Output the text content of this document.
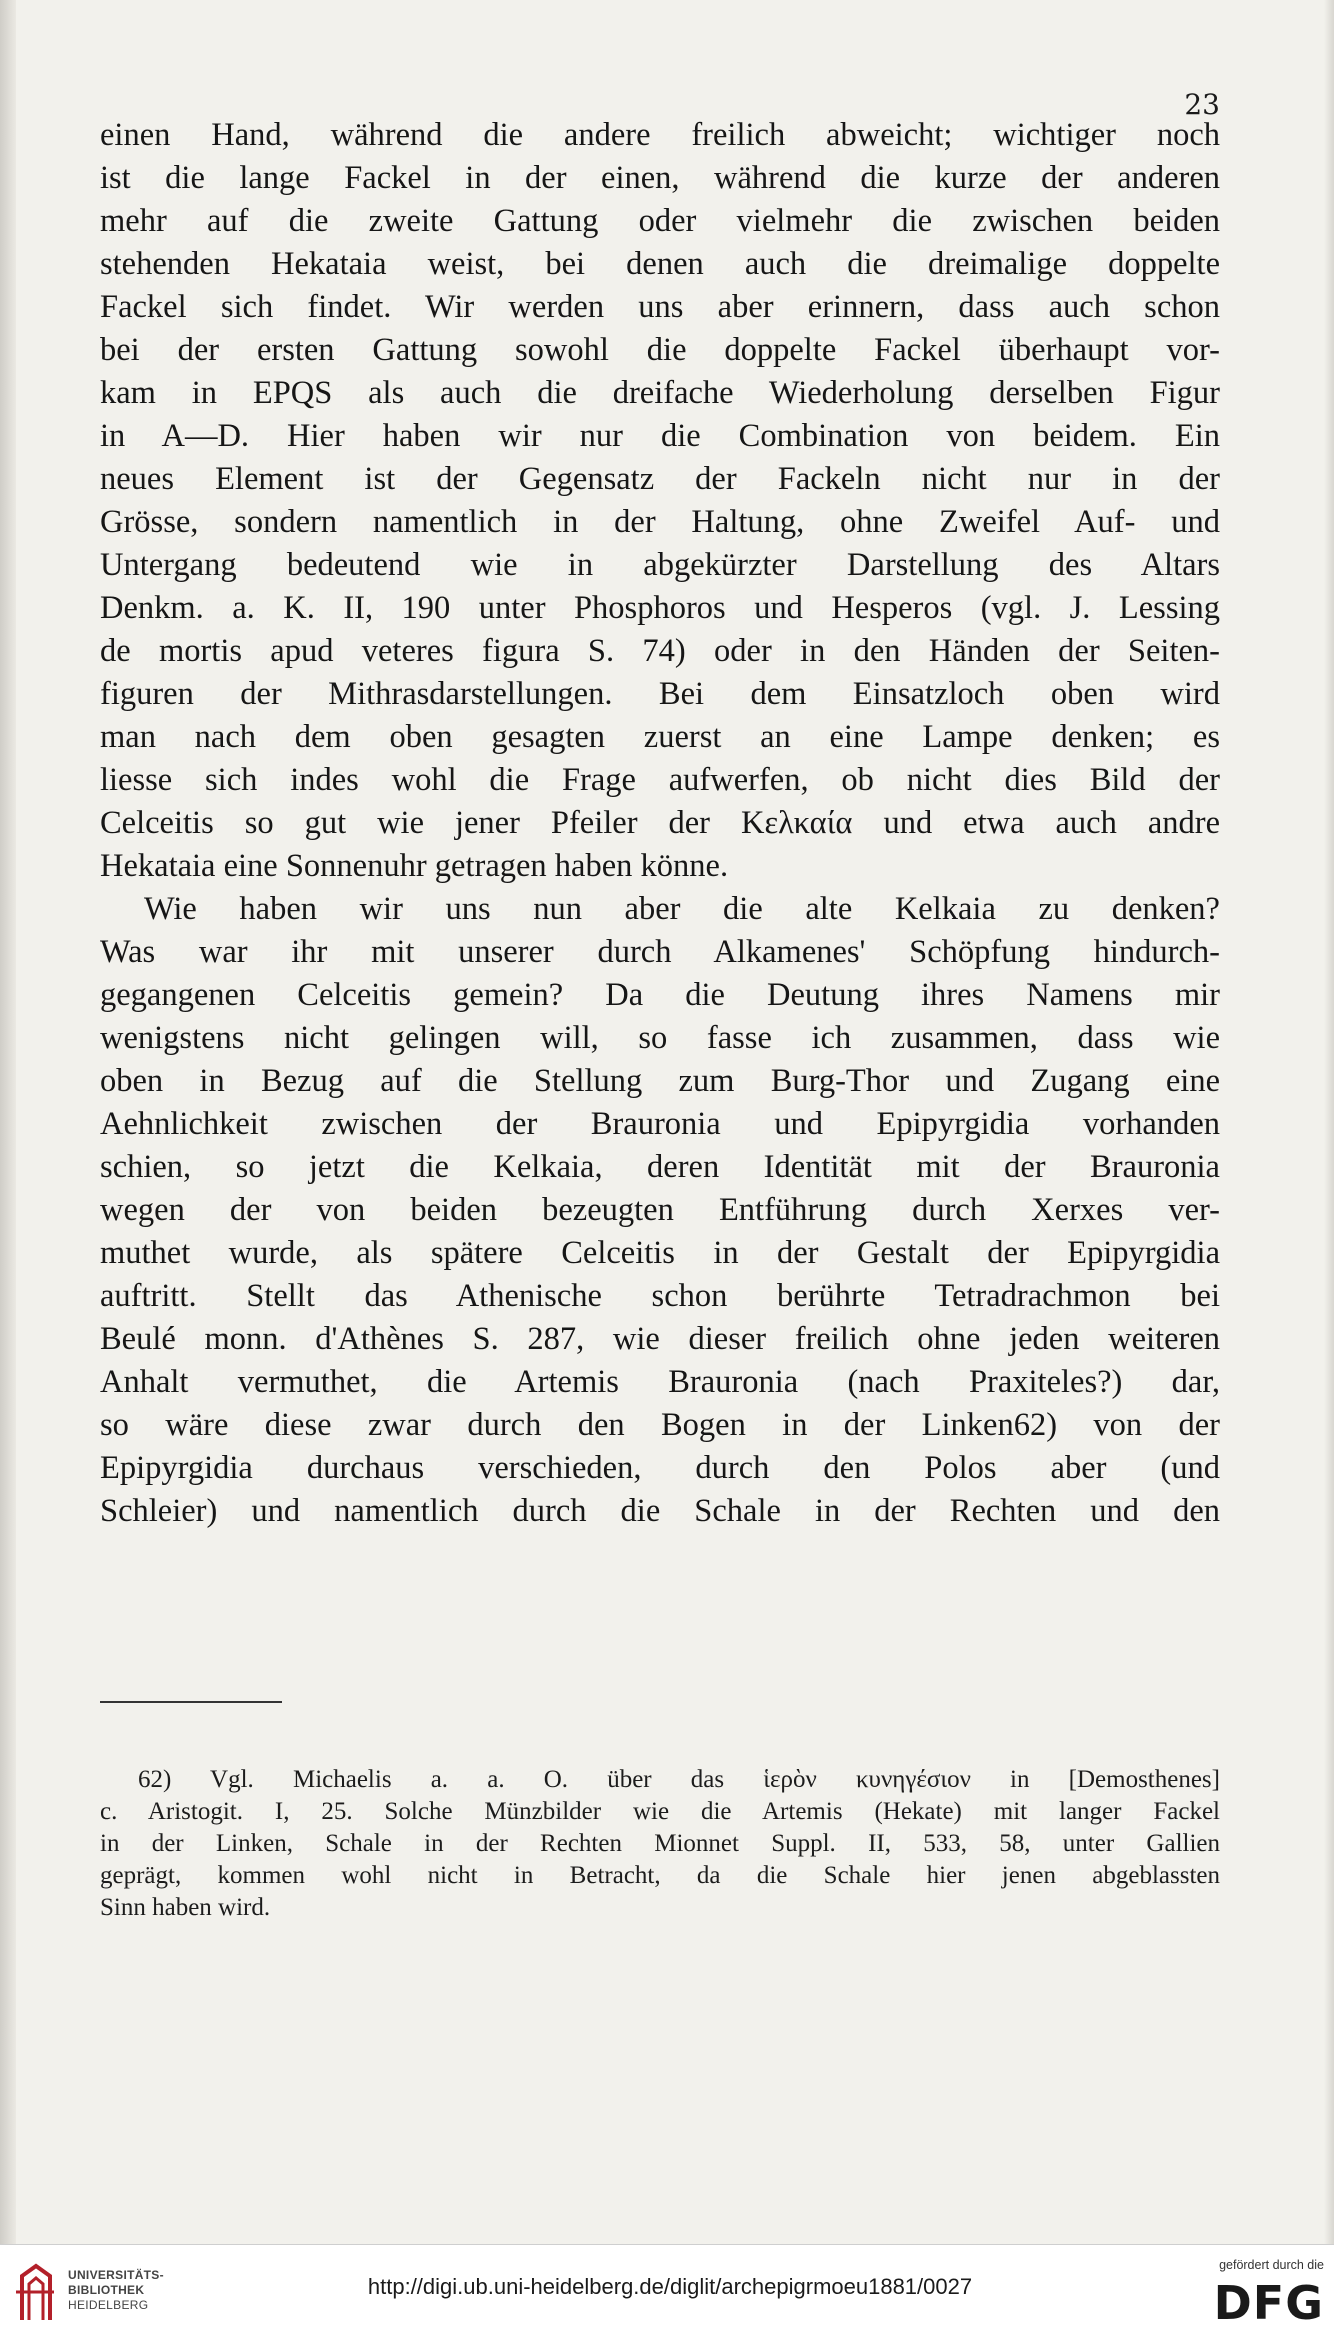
23
einen Hand, während die andere freilich abweicht; wichtiger noch
ist die lange Fackel in der einen, während die kurze der anderen
mehr auf die zweite Gattung oder vielmehr die zwischen beiden
stehenden Hekataia weist, bei denen auch die dreimalige doppelte
Fackel sich findet. Wir werden uns aber erinnern, dass auch schon
bei der ersten Gattung sowohl die doppelte Fackel überhaupt vor-
kam in EPQS als auch die dreifache Wiederholung derselben Figur
in A—D. Hier haben wir nur die Combination von beidem. Ein
neues Element ist der Gegensatz der Fackeln nicht nur in der
Grösse, sondern namentlich in der Haltung, ohne Zweifel Auf- und
Untergang bedeutend wie in abgekürzter Darstellung des Altars
Denkm. a. K. II, 190 unter Phosphoros und Hesperos (vgl. J. Lessing
de mortis apud veteres figura S. 74) oder in den Händen der Seiten-
figuren der Mithrasdarstellungen. Bei dem Einsatzloch oben wird
man nach dem oben gesagten zuerst an eine Lampe denken; es
liesse sich indes wohl die Frage aufwerfen, ob nicht dies Bild der
Celceitis so gut wie jener Pfeiler der Κελκαία und etwa auch andre
Hekataia eine Sonnenuhr getragen haben könne.
Wie haben wir uns nun aber die alte Kelkaia zu denken?
Was war ihr mit unserer durch Alkamenes' Schöpfung hindurch-
gegangenen Celceitis gemein? Da die Deutung ihres Namens mir
wenigstens nicht gelingen will, so fasse ich zusammen, dass wie
oben in Bezug auf die Stellung zum Burg-Thor und Zugang eine
Aehnlichkeit zwischen der Brauronia und Epipyrgidia vorhanden
schien, so jetzt die Kelkaia, deren Identität mit der Brauronia
wegen der von beiden bezeugten Entführung durch Xerxes ver-
muthet wurde, als spätere Celceitis in der Gestalt der Epipyrgidia
auftritt. Stellt das Athenische schon berührte Tetradrachmon bei
Beulé monn. d'Athènes S. 287, wie dieser freilich ohne jeden weiteren
Anhalt vermuthet, die Artemis Brauronia (nach Praxiteles?) dar,
so wäre diese zwar durch den Bogen in der Linken62) von der
Epipyrgidia durchaus verschieden, durch den Polos aber (und
Schleier) und namentlich durch die Schale in der Rechten und den
62) Vgl. Michaelis a. a. O. über das ἱερὸν κυνηγέσιον in [Demosthenes]
c. Aristogit. I, 25. Solche Münzbilder wie die Artemis (Hekate) mit langer Fackel
in der Linken, Schale in der Rechten Mionnet Suppl. II, 533, 58, unter Gallien
geprägt, kommen wohl nicht in Betracht, da die Schale hier jenen abgeblassten
Sinn haben wird.
UNIVERSITÄTS-
BIBLIOTHEK
HEIDELBERG
http://digi.ub.uni-heidelberg.de/diglit/archepigrmoeu1881/0027
gefördert durch die
DFG
